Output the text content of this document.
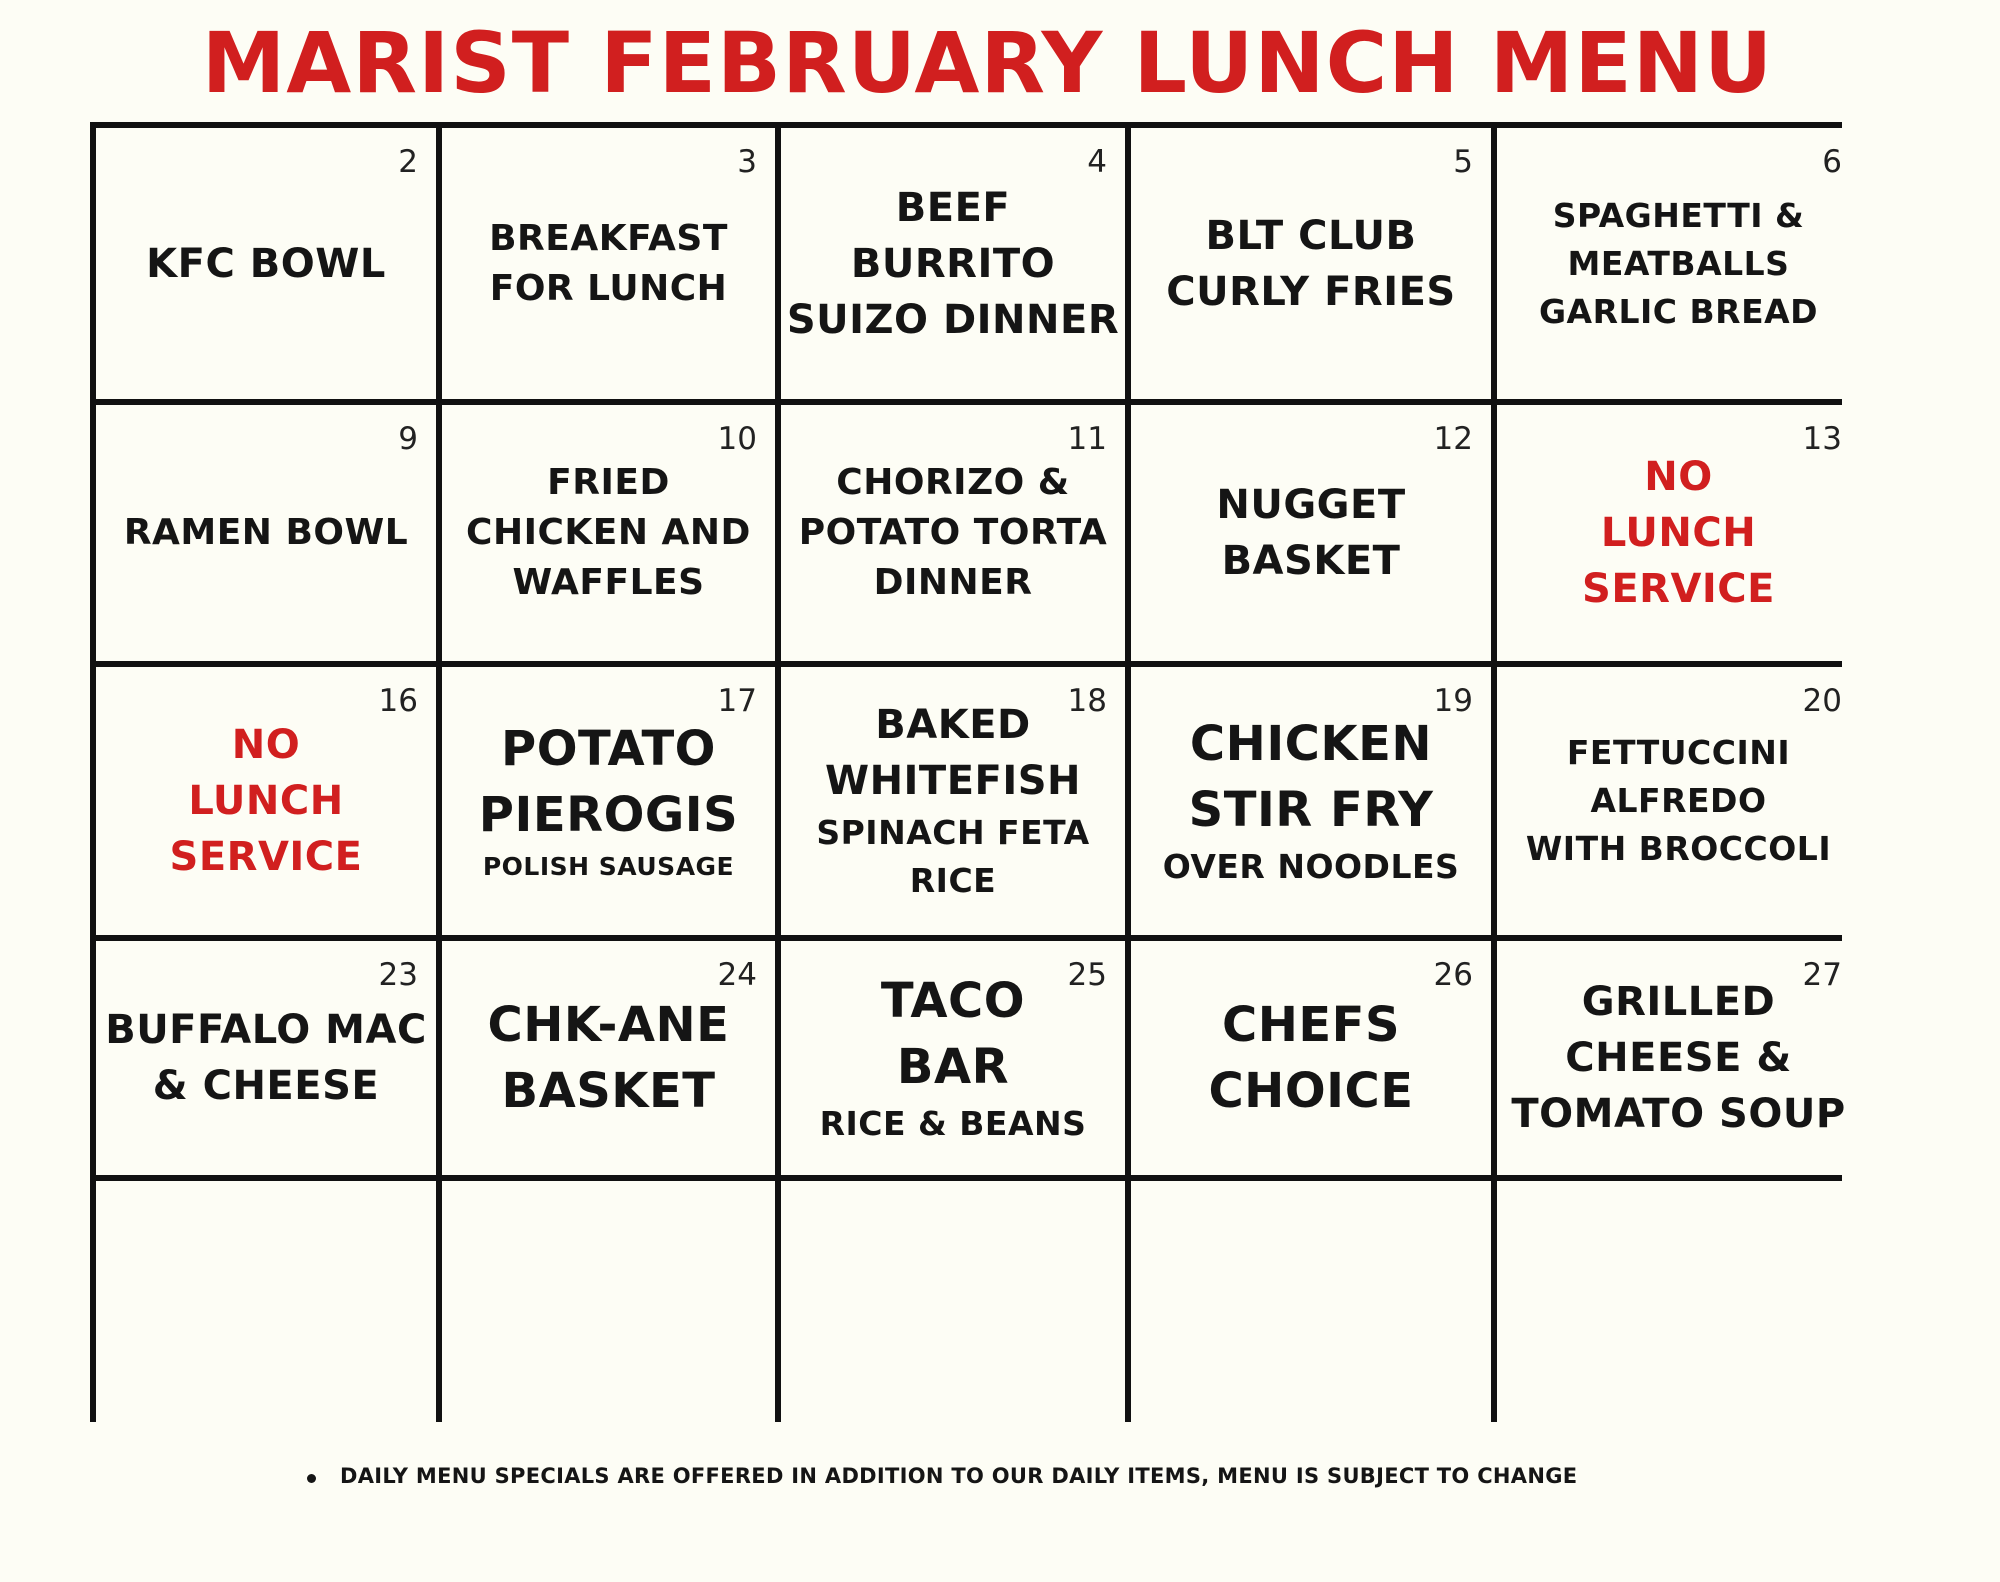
MARIST FEBRUARY LUNCH MENU
2
KFC BOWL
3
BREAKFAST
FOR LUNCH
4
BEEF
BURRITO
SUIZO DINNER
5
BLT CLUB
CURLY FRIES
6
SPAGHETTI &
MEATBALLS
GARLIC BREAD
9
RAMEN BOWL
10
FRIED
CHICKEN AND
WAFFLES
11
CHORIZO &
POTATO TORTA
DINNER
12
NUGGET
BASKET
13
NO
LUNCH
SERVICE
16
NO
LUNCH
SERVICE
17
POTATO
PIEROGIS
POLISH SAUSAGE
18
BAKED
WHITEFISH
SPINACH FETA
RICE
19
CHICKEN
STIR FRY
OVER NOODLES
20
FETTUCCINI
ALFREDO
WITH BROCCOLI
23
BUFFALO MAC
& CHEESE
24
CHK-ANE
BASKET
25
TACO
BAR
RICE & BEANS
26
CHEFS
CHOICE
27
GRILLED
CHEESE &
TOMATO SOUP
DAILY MENU SPECIALS ARE OFFERED IN ADDITION TO OUR DAILY ITEMS, MENU IS SUBJECT TO CHANGE
